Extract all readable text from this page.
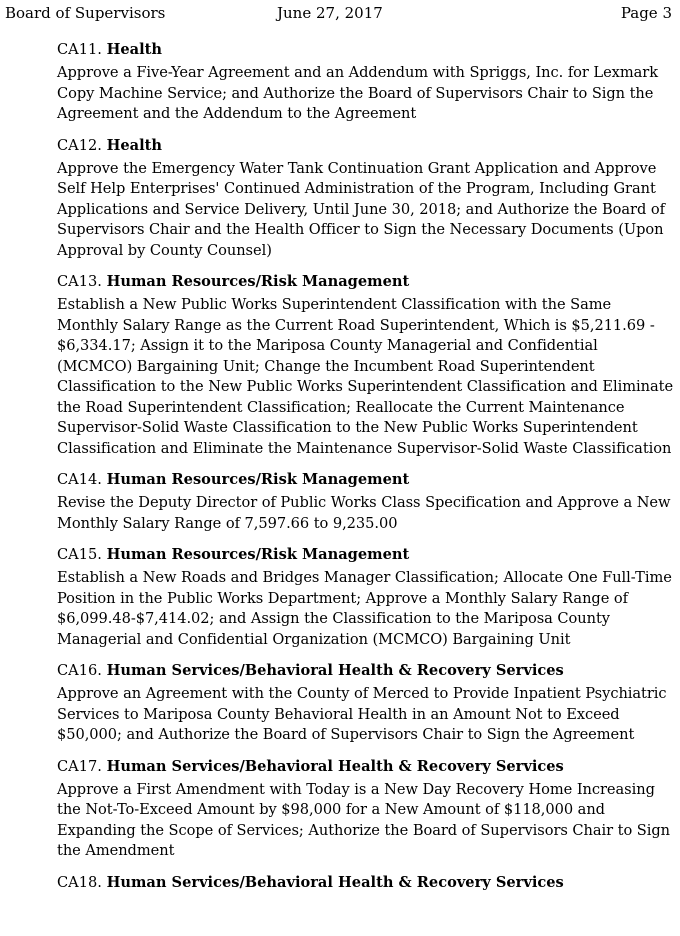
Board of Supervisors	June 27, 2017	Page 3
CA11. Health
Approve a Five-Year Agreement and an Addendum with Spriggs, Inc. for Lexmark Copy Machine Service; and Authorize the Board of Supervisors Chair to Sign the Agreement and the Addendum to the Agreement
CA12. Health
Approve the Emergency Water Tank Continuation Grant Application and Approve Self Help Enterprises' Continued Administration of the Program, Including Grant Applications and Service Delivery, Until June 30, 2018; and Authorize the Board of Supervisors Chair and the Health Officer to Sign the Necessary Documents (Upon Approval by County Counsel)
CA13. Human Resources/Risk Management
Establish a New Public Works Superintendent Classification with the Same Monthly Salary Range as the Current Road Superintendent, Which is $5,211.69 - $6,334.17; Assign it to the Mariposa County Managerial and Confidential (MCMCO) Bargaining Unit; Change the Incumbent Road Superintendent Classification to the New Public Works Superintendent Classification and Eliminate the Road Superintendent Classification; Reallocate the Current Maintenance Supervisor-Solid Waste Classification to the New Public Works Superintendent Classification and Eliminate the Maintenance Supervisor-Solid Waste Classification
CA14. Human Resources/Risk Management
Revise the Deputy Director of Public Works Class Specification and Approve a New Monthly Salary Range of 7,597.66 to 9,235.00
CA15. Human Resources/Risk Management
Establish a New Roads and Bridges Manager Classification; Allocate One Full-Time Position in the Public Works Department; Approve a Monthly Salary Range of $6,099.48-$7,414.02; and Assign the Classification to the Mariposa County Managerial and Confidential Organization (MCMCO) Bargaining Unit
CA16. Human Services/Behavioral Health & Recovery Services
Approve an Agreement with the County of Merced to Provide Inpatient Psychiatric Services to Mariposa County Behavioral Health in an Amount Not to Exceed $50,000; and Authorize the Board of Supervisors Chair to Sign the Agreement
CA17. Human Services/Behavioral Health & Recovery Services
Approve a First Amendment with Today is a New Day Recovery Home Increasing the Not-To-Exceed Amount by $98,000 for a New Amount of $118,000 and Expanding the Scope of Services; Authorize the Board of Supervisors Chair to Sign the Amendment
CA18. Human Services/Behavioral Health & Recovery Services
